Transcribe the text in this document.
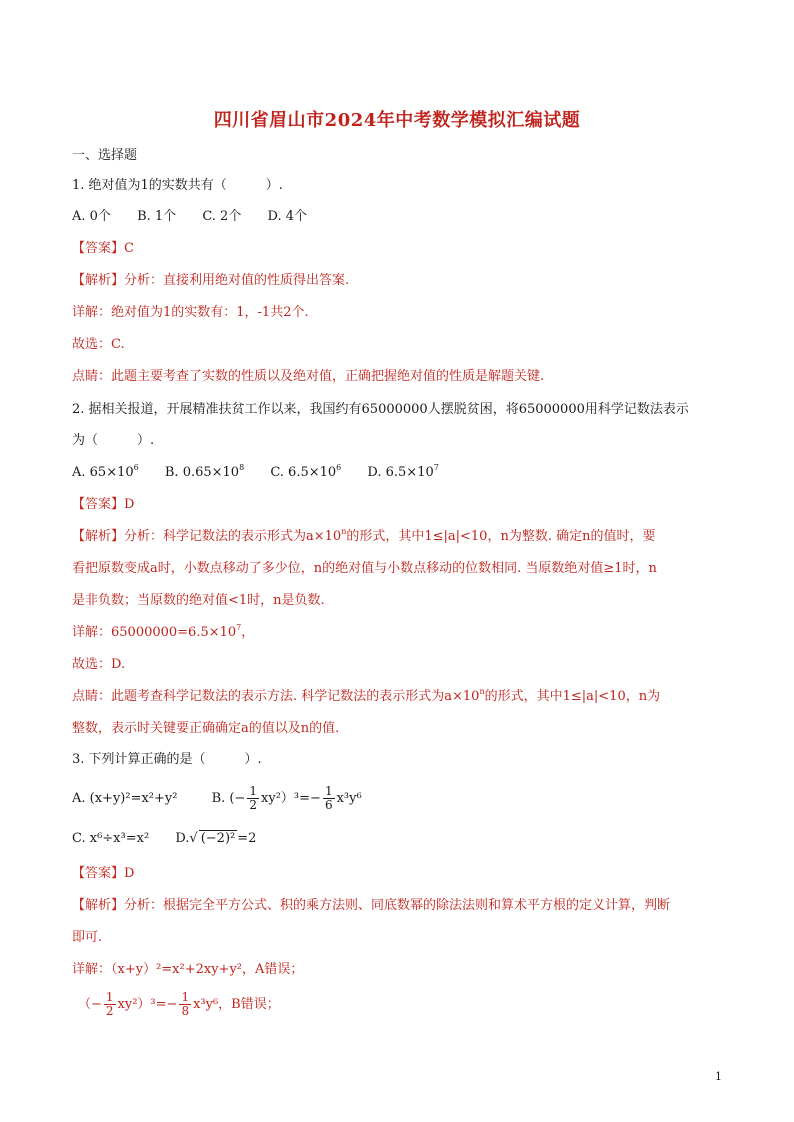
四川省眉山市2024年中考数学模拟汇编试题
一、选择题
1. 绝对值为1的实数共有（　　　）.
A. 0个 B. 1个 C. 2个 D. 4个
【答案】C
【解析】分析：直接利用绝对值的性质得出答案.
详解：绝对值为1的实数有：1，-1共2个.
故选：C.
点睛：此题主要考查了实数的性质以及绝对值，正确把握绝对值的性质是解题关键.
2. 据相关报道，开展精准扶贫工作以来，我国约有65000000人摆脱贫困，将65000000用科学记数法表示
为（　　　）.
A. $65\times 10^6$ B. $0.65\times 10^8$ C. $6.5\times 10^6$ D. $6.5\times 10^7$
【答案】D
【解析】分析：科学记数法的表示形式为$a\times 10^n$的形式，其中1≤|a|<10，n为整数. 确定n的值时，要
看把原数变成a时，小数点移动了多少位，n的绝对值与小数点移动的位数相同. 当原数绝对值≥1时，n
是非负数；当原数的绝对值<1时，n是负数.
详解：$65000000=6.5\times 10^7$，
故选：D.
点睛：此题考查科学记数法的表示方法. 科学记数法的表示形式为$a\times 10^n$的形式，其中1≤|a|<10，n为
整数，表示时关键要正确确定a的值以及n的值.
3. 下列计算正确的是（　　　）.
A. (x+y)²=x²+y²	B. (− $\frac{1}{2} xy^2)^3=- \frac{1}{6} x^3y^6$
C. x⁶÷x³=x² D.√ (−2)² =2
【答案】D
【解析】分析：根据完全平方公式、积的乘方法则、同底数幂的除法法则和算术平方根的定义计算，判断
即可.
详解：（x+y）²=x²+2xy+y²，A错误；
（− $\frac{1}{2} xy^2)^3=- \frac{1}{8} x^3y^6$，B错误；
1
